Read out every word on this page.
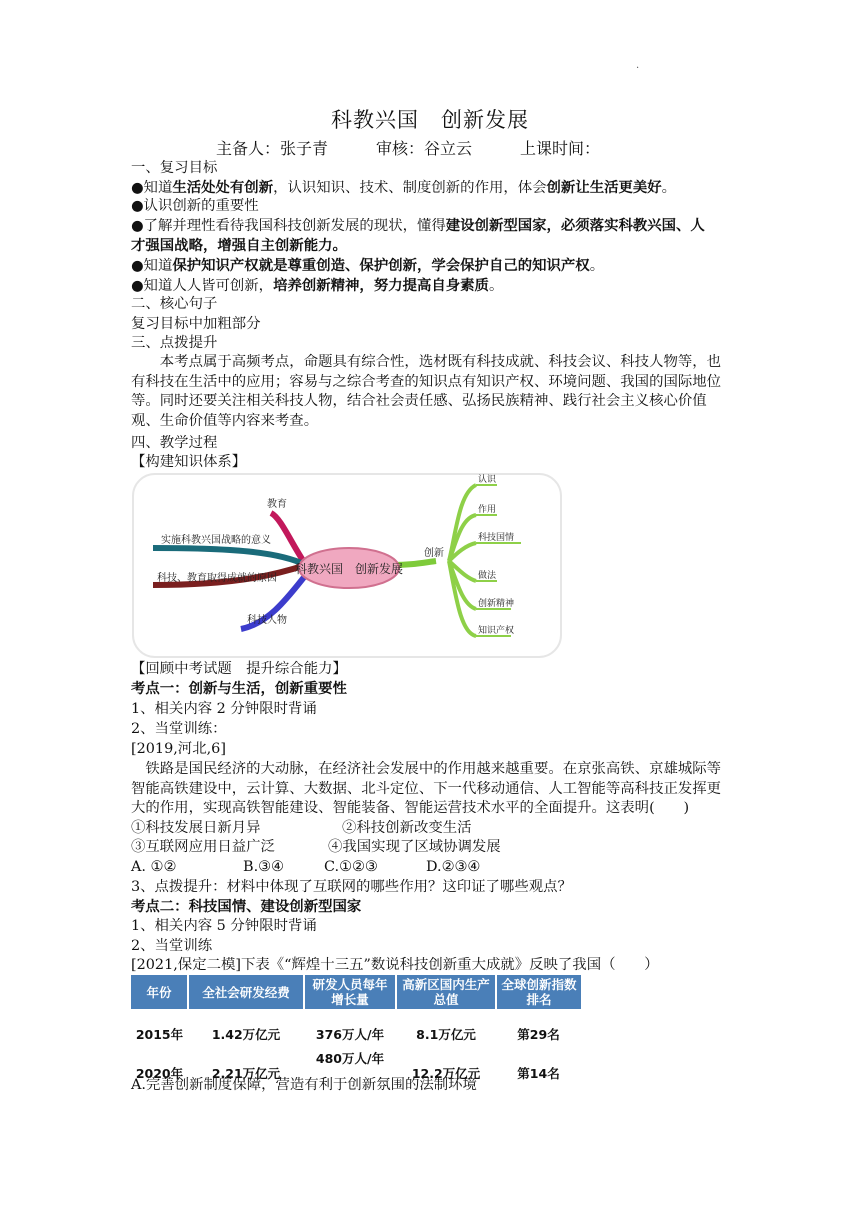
.
科教兴国　创新发展
主备人：张子青　　　审核：谷立云　　　上课时间：
一、复习目标
●知道生活处处有创新，认识知识、技术、制度创新的作用，体会创新让生活更美好。
●认识创新的重要性
●了解并理性看待我国科技创新发展的现状，懂得建设创新型国家，必须落实科教兴国、人
才强国战略，增强自主创新能力。
●知道保护知识产权就是尊重创造、保护创新，学会保护自己的知识产权。
●知道人人皆可创新，培养创新精神，努力提高自身素质。
二、核心句子
复习目标中加粗部分
三、点拨提升
　　本考点属于高频考点，命题具有综合性，选材既有科技成就、科技会议、科技人物等，也有科技在生活中的应用；容易与之综合考查的知识点有知识产权、环境问题、我国的国际地位等。同时还要关注相关科技人物，结合社会责任感、弘扬民族精神、践行社会主义核心价值观、生命价值等内容来考查。
四、教学过程
【构建知识体系】
科教兴国　创新发展
教育
实施科教兴国战略的意义
科技、教育取得成就的原因
科技人物
创新
认识
作用
科技国情
做法
创新精神
知识产权
【回顾中考试题　提升综合能力】
考点一：创新与生活，创新重要性
1、相关内容 2 分钟限时背诵
2、当堂训练：
[2019,河北,6]
　铁路是国民经济的大动脉，在经济社会发展中的作用越来越重要。在京张高铁、京雄城际等智能高铁建设中，云计算、大数据、北斗定位、下一代移动通信、人工智能等高科技正发挥更大的作用，实现高铁智能建设、智能装备、智能运营技术水平的全面提升。这表明(　　)
①科技发展日新月异	②科技创新改变生活
③互联网应用日益广泛	④我国实现了区域协调发展
A. ①②	B.③④	C.①②③	D.②③④
3、点拨提升：材料中体现了互联网的哪些作用？这印证了哪些观点？
考点二：科技国情、建设创新型国家
1、相关内容 5 分钟限时背诵
2、当堂训练
[2021,保定二模]下表《“辉煌十三五”数说科技创新重大成就》反映了我国（　　）
年份	全社会研发经费	研发人员每年增长量	高新区国内生产总值	全球创新指数排名
2015年	1.42万亿元	376万人/年	8.1万亿元	第29名
2020年	2.21万亿元	480万人/年	12.2万亿元	第14名
A.完善创新制度保障，营造有利于创新氛围的法制环境
